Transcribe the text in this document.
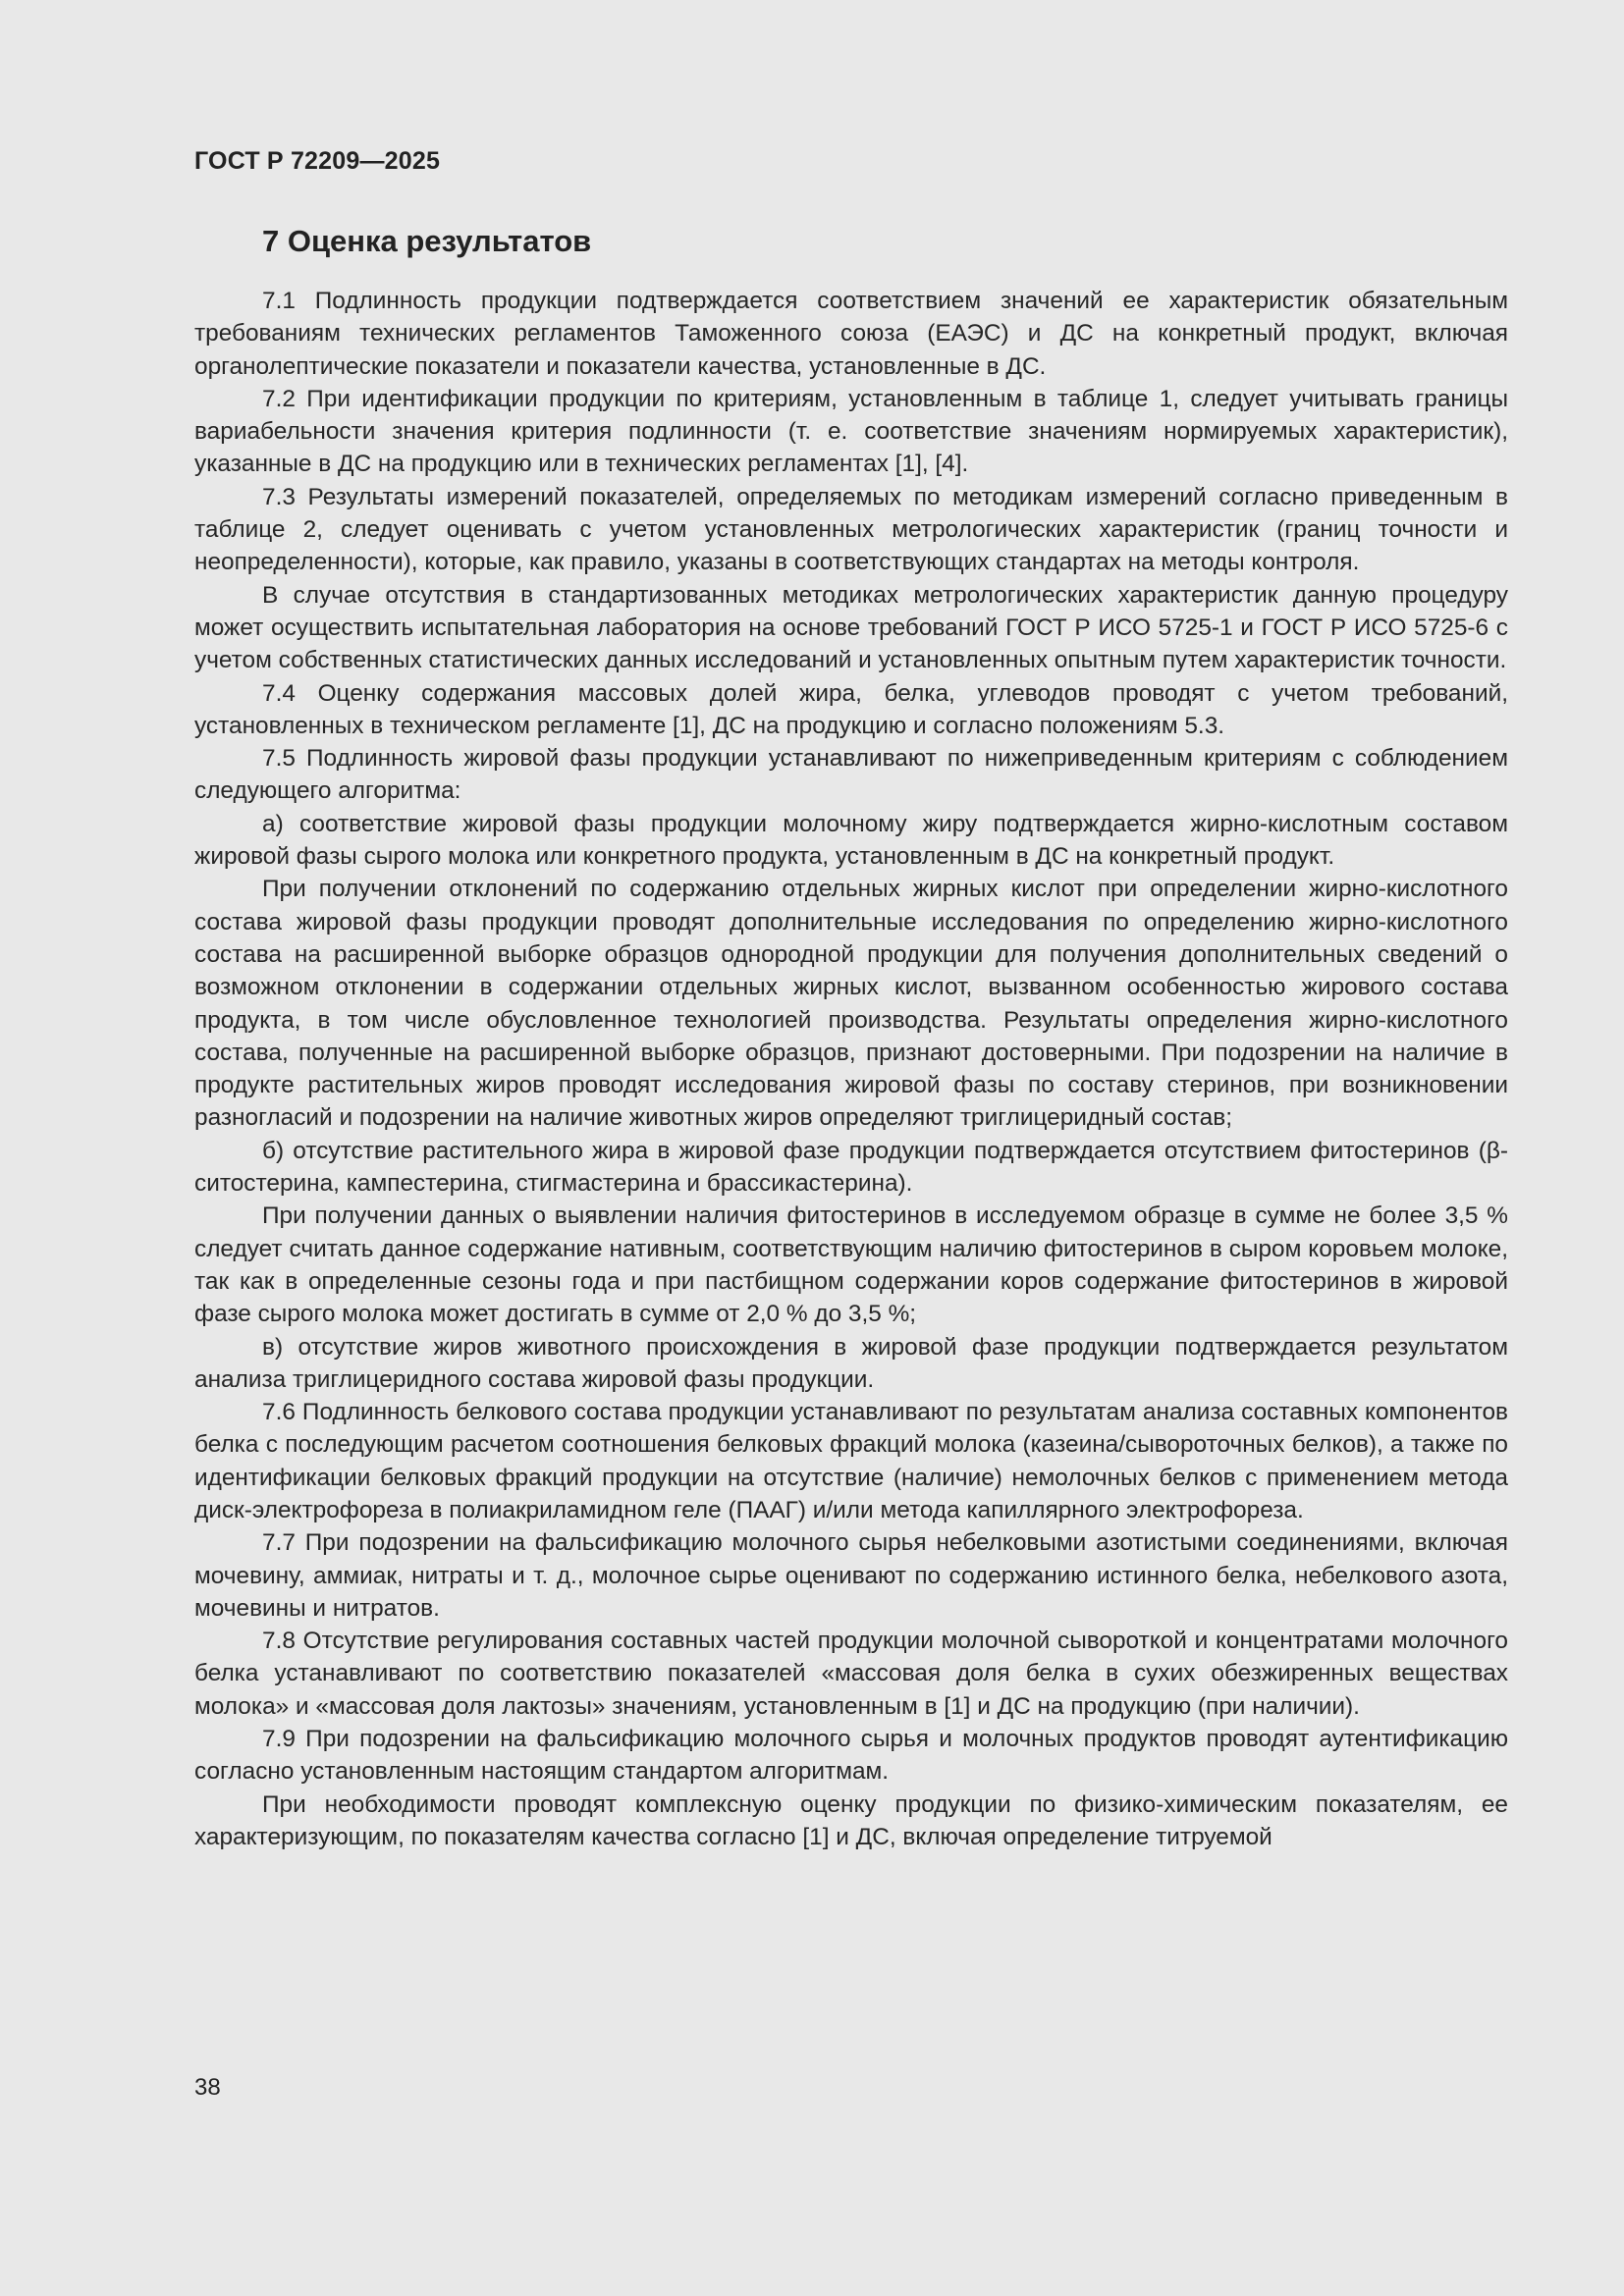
ГОСТ Р 72209—2025
7 Оценка результатов

7.1 Подлинность продукции подтверждается соответствием значений ее характеристик обязательным требованиям технических регламентов Таможенного союза (ЕАЭС) и ДС на конкретный продукт, включая органолептические показатели и показатели качества, установленные в ДС.

7.2 При идентификации продукции по критериям, установленным в таблице 1, следует учитывать границы вариабельности значения критерия подлинности (т. е. соответствие значениям нормируемых характеристик), указанные в ДС на продукцию или в технических регламентах [1], [4].

7.3 Результаты измерений показателей, определяемых по методикам измерений согласно приведенным в таблице 2, следует оценивать с учетом установленных метрологических характеристик (границ точности и неопределенности), которые, как правило, указаны в соответствующих стандартах на методы контроля.

В случае отсутствия в стандартизованных методиках метрологических характеристик данную процедуру может осуществить испытательная лаборатория на основе требований ГОСТ Р ИСО 5725-1 и ГОСТ Р ИСО 5725-6 с учетом собственных статистических данных исследований и установленных опытным путем характеристик точности.

7.4 Оценку содержания массовых долей жира, белка, углеводов проводят с учетом требований, установленных в техническом регламенте [1], ДС на продукцию и согласно положениям 5.3.

7.5 Подлинность жировой фазы продукции устанавливают по нижеприведенным критериям с соблюдением следующего алгоритма:

а) соответствие жировой фазы продукции молочному жиру подтверждается жирно-кислотным составом жировой фазы сырого молока или конкретного продукта, установленным в ДС на конкретный продукт.

При получении отклонений по содержанию отдельных жирных кислот при определении жирно-кислотного состава жировой фазы продукции проводят дополнительные исследования по определению жирно-кислотного состава на расширенной выборке образцов однородной продукции для получения дополнительных сведений о возможном отклонении в содержании отдельных жирных кислот, вызванном особенностью жирового состава продукта, в том числе обусловленное технологией производства. Результаты определения жирно-кислотного состава, полученные на расширенной выборке образцов, признают достоверными. При подозрении на наличие в продукте растительных жиров проводят исследования жировой фазы по составу стеринов, при возникновении разногласий и подозрении на наличие животных жиров определяют триглицеридный состав;

б) отсутствие растительного жира в жировой фазе продукции подтверждается отсутствием фитостеринов (β-ситостерина, кампестерина, стигмастерина и брассикастерина).

При получении данных о выявлении наличия фитостеринов в исследуемом образце в сумме не более 3,5 % следует считать данное содержание нативным, соответствующим наличию фитостеринов в сыром коровьем молоке, так как в определенные сезоны года и при пастбищном содержании коров содержание фитостеринов в жировой фазе сырого молока может достигать в сумме от 2,0 % до 3,5 %;

в) отсутствие жиров животного происхождения в жировой фазе продукции подтверждается результатом анализа триглицеридного состава жировой фазы продукции.

7.6 Подлинность белкового состава продукции устанавливают по результатам анализа составных компонентов белка с последующим расчетом соотношения белковых фракций молока (казеина/сывороточных белков), а также по идентификации белковых фракций продукции на отсутствие (наличие) немолочных белков с применением метода диск-электрофореза в полиакриламидном геле (ПААГ) и/или метода капиллярного электрофореза.

7.7 При подозрении на фальсификацию молочного сырья небелковыми азотистыми соединениями, включая мочевину, аммиак, нитраты и т. д., молочное сырье оценивают по содержанию истинного белка, небелкового азота, мочевины и нитратов.

7.8 Отсутствие регулирования составных частей продукции молочной сывороткой и концентратами молочного белка устанавливают по соответствию показателей «массовая доля белка в сухих обезжиренных веществах молока» и «массовая доля лактозы» значениям, установленным в [1] и ДС на продукцию (при наличии).

7.9 При подозрении на фальсификацию молочного сырья и молочных продуктов проводят аутентификацию согласно установленным настоящим стандартом алгоритмам.

При необходимости проводят комплексную оценку продукции по физико-химическим показателям, ее характеризующим, по показателям качества согласно [1] и ДС, включая определение титруемой

38
